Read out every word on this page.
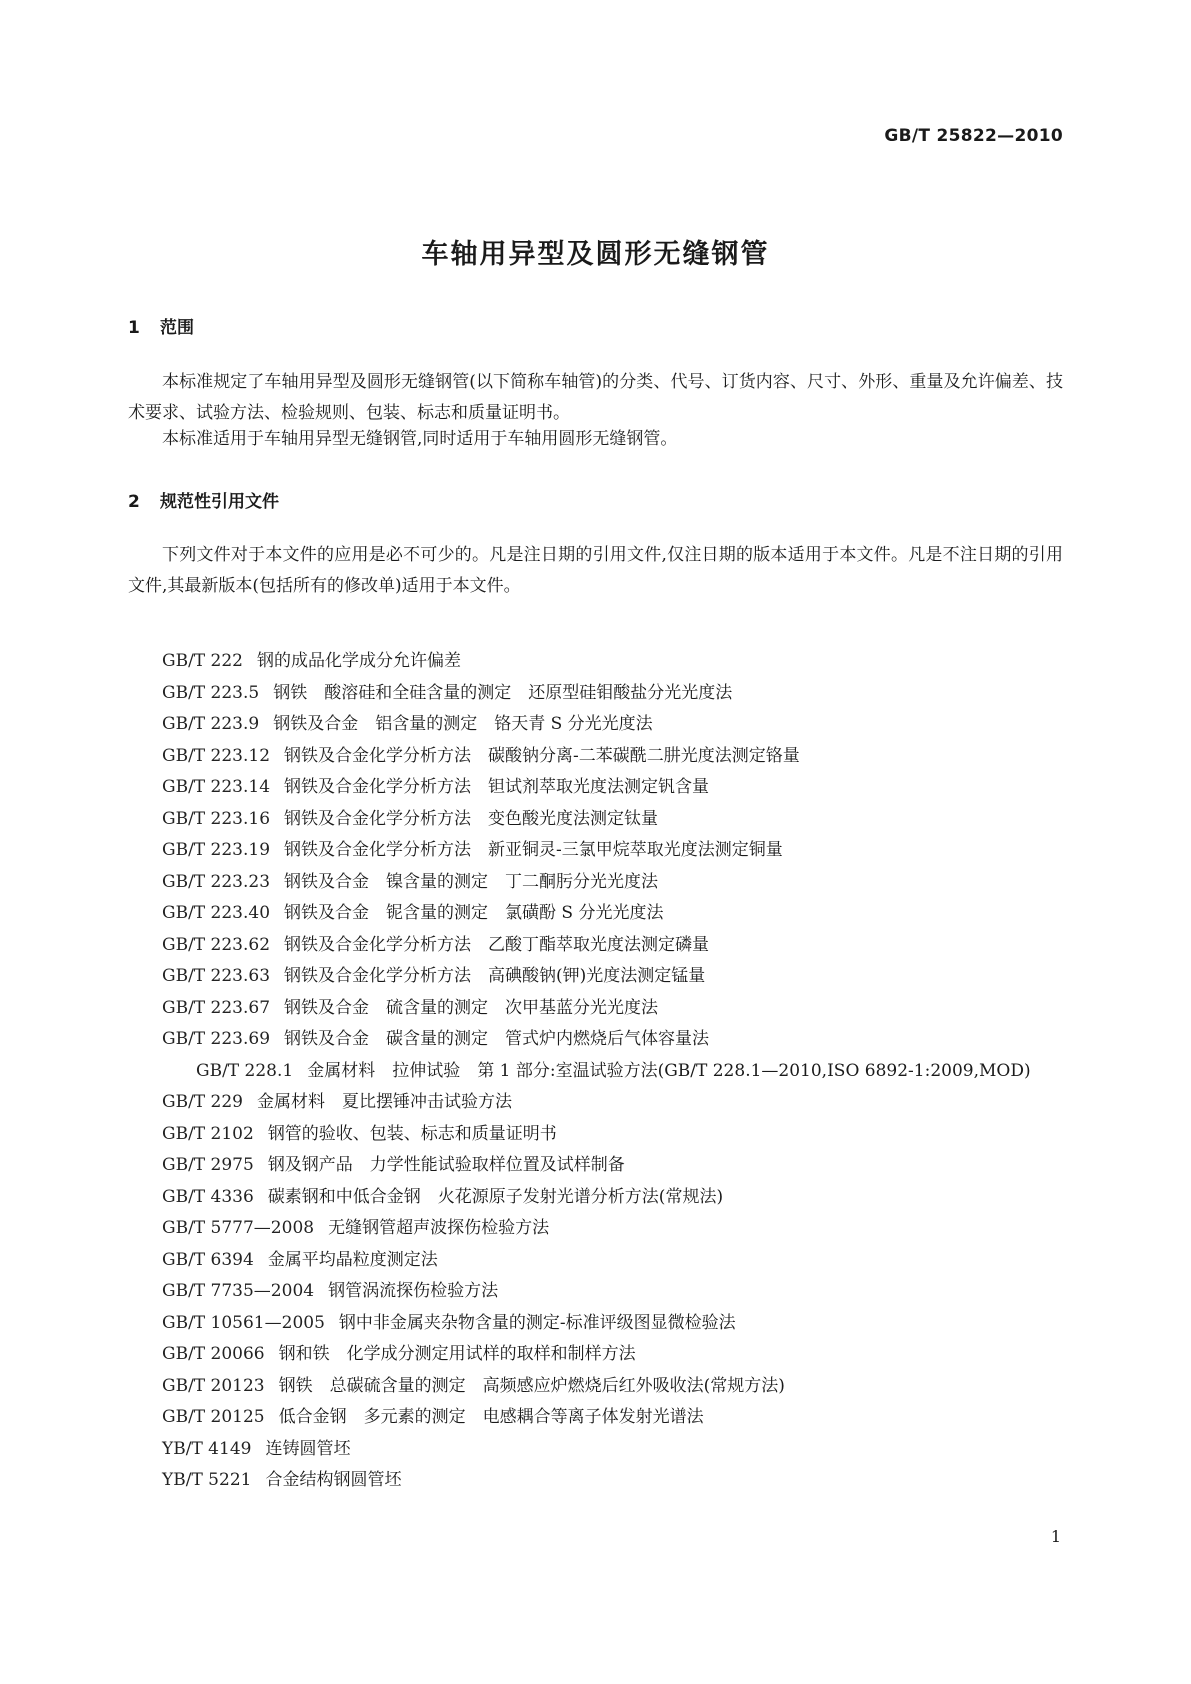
GB/T 25822—2010
车轴用异型及圆形无缝钢管
1 范围

本标准规定了车轴用异型及圆形无缝钢管(以下简称车轴管)的分类、代号、订货内容、尺寸、外形、重量及允许偏差、技术要求、试验方法、检验规则、包装、标志和质量证明书。

本标准适用于车轴用异型无缝钢管,同时适用于车轴用圆形无缝钢管。

2 规范性引用文件

下列文件对于本文件的应用是必不可少的。凡是注日期的引用文件,仅注日期的版本适用于本文件。凡是不注日期的引用文件,其最新版本(包括所有的修改单)适用于本文件。

GB/T 222 钢的成品化学成分允许偏差

GB/T 223.5 钢铁　酸溶硅和全硅含量的测定　还原型硅钼酸盐分光光度法

GB/T 223.9 钢铁及合金　铝含量的测定　铬天青 S 分光光度法

GB/T 223.12 钢铁及合金化学分析方法　碳酸钠分离-二苯碳酰二肼光度法测定铬量

GB/T 223.14 钢铁及合金化学分析方法　钽试剂萃取光度法测定钒含量

GB/T 223.16 钢铁及合金化学分析方法　变色酸光度法测定钛量

GB/T 223.19 钢铁及合金化学分析方法　新亚铜灵-三氯甲烷萃取光度法测定铜量

GB/T 223.23 钢铁及合金　镍含量的测定　丁二酮肟分光光度法

GB/T 223.40 钢铁及合金　铌含量的测定　氯磺酚 S 分光光度法

GB/T 223.62 钢铁及合金化学分析方法　乙酸丁酯萃取光度法测定磷量

GB/T 223.63 钢铁及合金化学分析方法　高碘酸钠(钾)光度法测定锰量

GB/T 223.67 钢铁及合金　硫含量的测定　次甲基蓝分光光度法

GB/T 223.69 钢铁及合金　碳含量的测定　管式炉内燃烧后气体容量法

GB/T 228.1 金属材料　拉伸试验　第 1 部分:室温试验方法(GB/T 228.1—2010,ISO 6892-1:2009,MOD)

GB/T 229 金属材料　夏比摆锤冲击试验方法

GB/T 2102 钢管的验收、包装、标志和质量证明书

GB/T 2975 钢及钢产品　力学性能试验取样位置及试样制备

GB/T 4336 碳素钢和中低合金钢　火花源原子发射光谱分析方法(常规法)

GB/T 5777—2008 无缝钢管超声波探伤检验方法

GB/T 6394 金属平均晶粒度测定法

GB/T 7735—2004 钢管涡流探伤检验方法

GB/T 10561—2005 钢中非金属夹杂物含量的测定-标准评级图显微检验法

GB/T 20066 钢和铁　化学成分测定用试样的取样和制样方法

GB/T 20123 钢铁　总碳硫含量的测定　高频感应炉燃烧后红外吸收法(常规方法)

GB/T 20125 低合金钢　多元素的测定　电感耦合等离子体发射光谱法

YB/T 4149 连铸圆管坯

YB/T 5221 合金结构钢圆管坯

1
